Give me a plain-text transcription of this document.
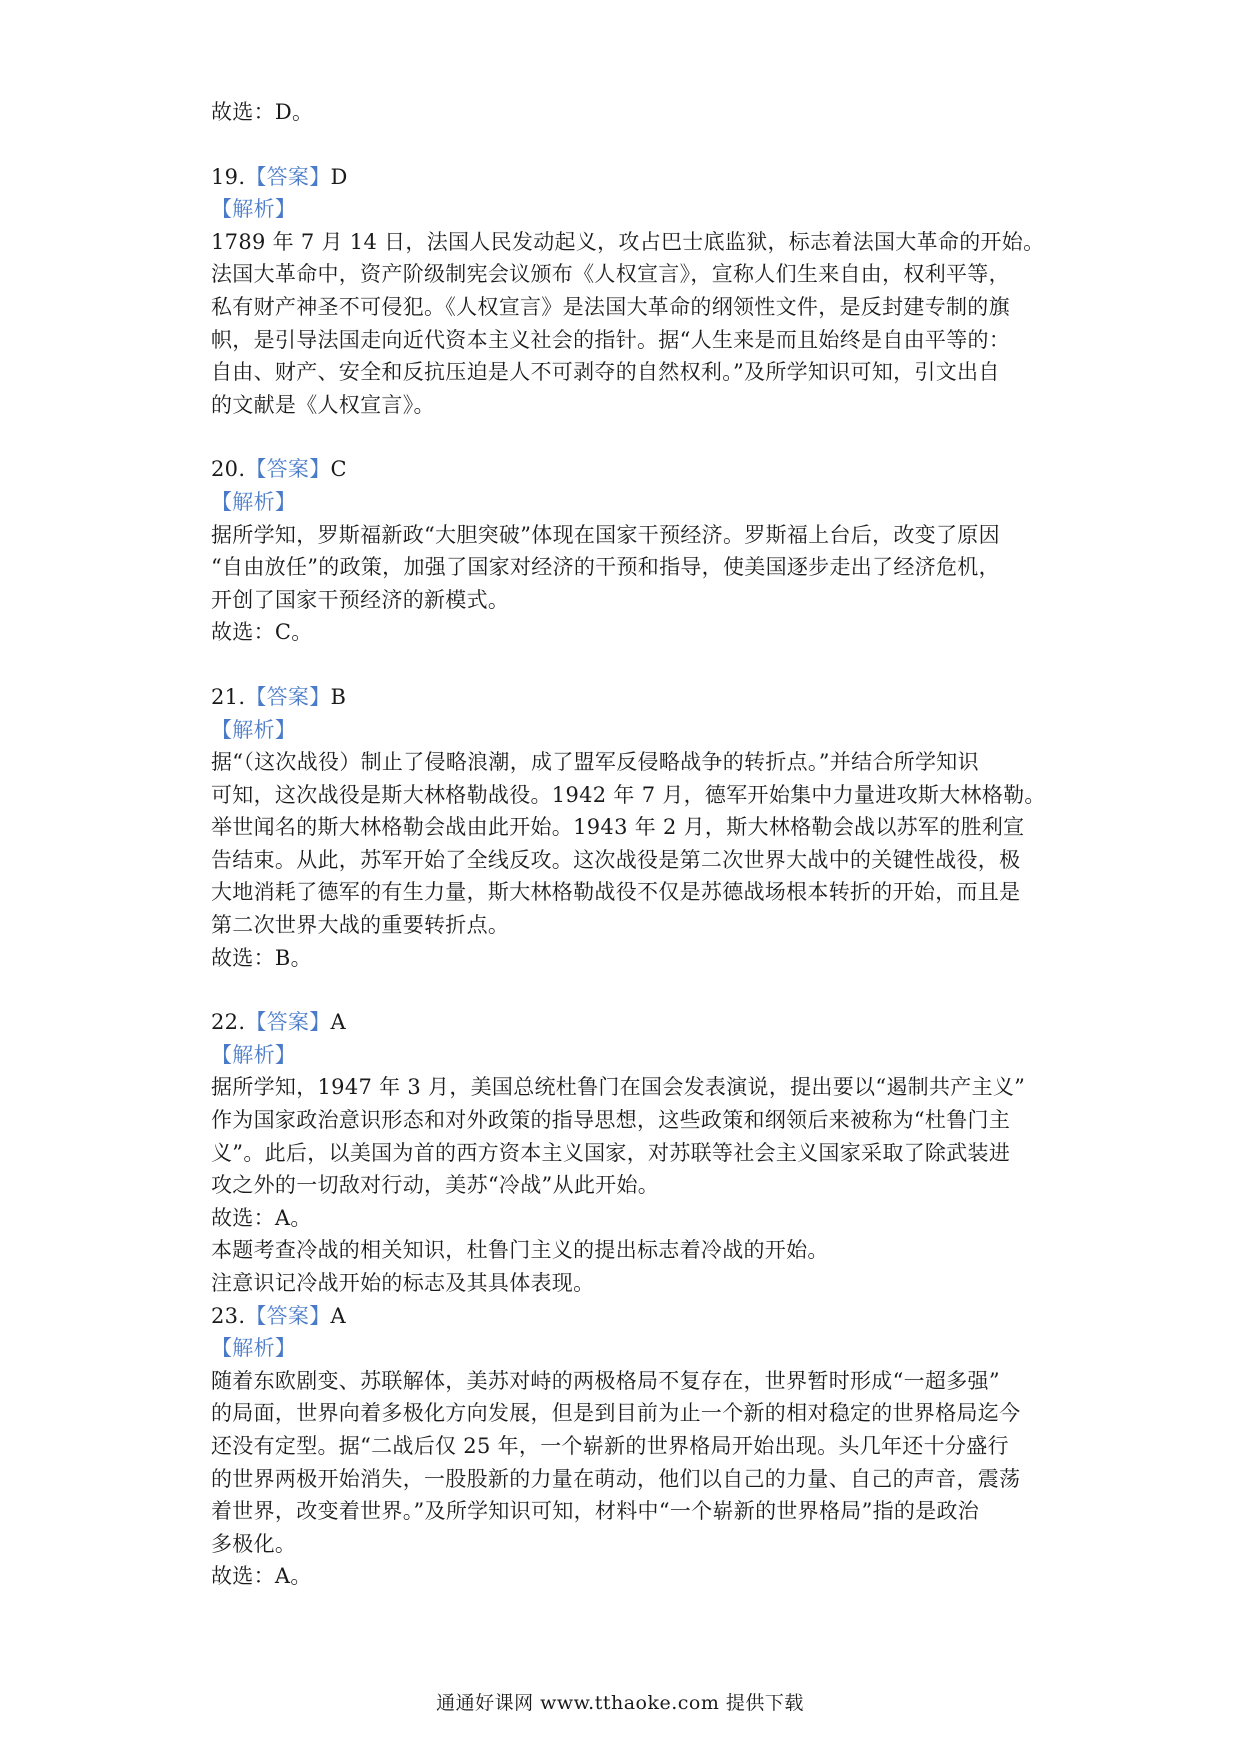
故选：D。
19.【答案】D
【解析】
1789 年 7 月 14 日，法国人民发动起义，攻占巴士底监狱，标志着法国大革命的开始。
法国大革命中，资产阶级制宪会议颁布《人权宣言》，宣称人们生来自由，权利平等，
私有财产神圣不可侵犯。《人权宣言》是法国大革命的纲领性文件，是反封建专制的旗
帜，是引导法国走向近代资本主义社会的指针。据“人生来是而且始终是自由平等的：
自由、财产、安全和反抗压迫是人不可剥夺的自然权利。”及所学知识可知，引文出自
的文献是《人权宣言》。
20.【答案】C
【解析】
据所学知，罗斯福新政“大胆突破”体现在国家干预经济。罗斯福上台后，改变了原因
“自由放任”的政策，加强了国家对经济的干预和指导，使美国逐步走出了经济危机，
开创了国家干预经济的新模式。
故选：C。
21.【答案】B
【解析】
据“（这次战役）制止了侵略浪潮，成了盟军反侵略战争的转折点。”并结合所学知识
可知，这次战役是斯大林格勒战役。1942 年 7 月，德军开始集中力量进攻斯大林格勒。
举世闻名的斯大林格勒会战由此开始。1943 年 2 月，斯大林格勒会战以苏军的胜利宣
告结束。从此，苏军开始了全线反攻。这次战役是第二次世界大战中的关键性战役，极
大地消耗了德军的有生力量，斯大林格勒战役不仅是苏德战场根本转折的开始，而且是
第二次世界大战的重要转折点。
故选：B。
22.【答案】A
【解析】
据所学知，1947 年 3 月，美国总统杜鲁门在国会发表演说，提出要以“遏制共产主义”
作为国家政治意识形态和对外政策的指导思想，这些政策和纲领后来被称为“杜鲁门主
义”。此后，以美国为首的西方资本主义国家，对苏联等社会主义国家采取了除武装进
攻之外的一切敌对行动，美苏“冷战”从此开始。
故选：A。
本题考查冷战的相关知识，杜鲁门主义的提出标志着冷战的开始。
注意识记冷战开始的标志及其具体表现。
23.【答案】A
【解析】
随着东欧剧变、苏联解体，美苏对峙的两极格局不复存在，世界暂时形成“一超多强”
的局面，世界向着多极化方向发展，但是到目前为止一个新的相对稳定的世界格局迄今
还没有定型。据“二战后仅 25 年，一个崭新的世界格局开始出现。头几年还十分盛行
的世界两极开始消失，一股股新的力量在萌动，他们以自己的力量、自己的声音，震荡
着世界，改变着世界。”及所学知识可知，材料中“一个崭新的世界格局”指的是政治
多极化。
故选：A。
通通好课网 www.tthaoke.com 提供下载
